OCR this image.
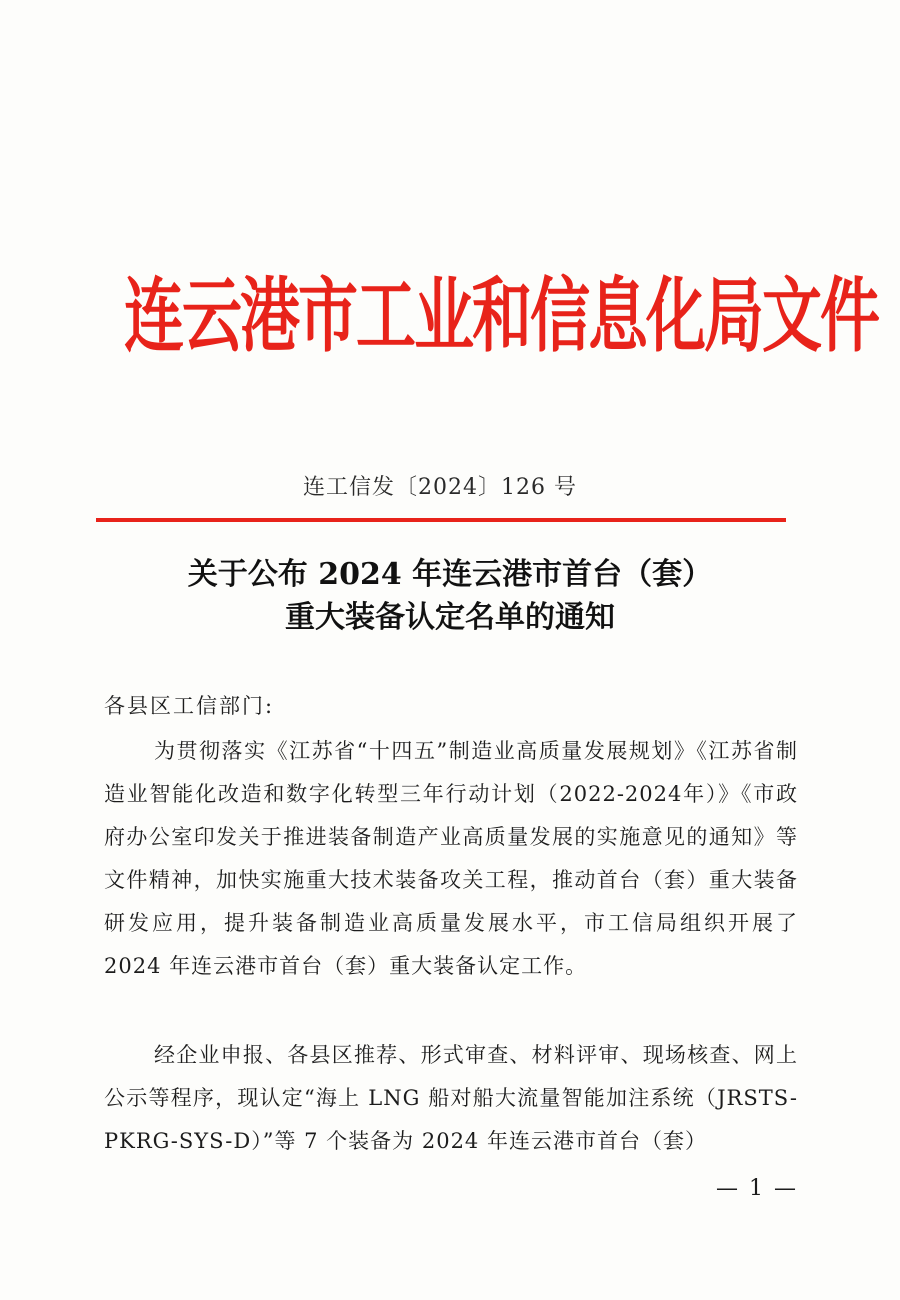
连云港市工业和信息化局文件
连工信发〔2024〕126 号
关于公布 2024 年连云港市首台（套）
重大装备认定名单的通知
各县区工信部门:
为贯彻落实《江苏省“十四五”制造业高质量发展规划》《江苏省制造业智能化改造和数字化转型三年行动计划（2022-2024年）》《市政府办公室印发关于推进装备制造产业高质量发展的实施意见的通知》等文件精神，加快实施重大技术装备攻关工程，推动首台（套）重大装备研发应用，提升装备制造业高质量发展水平，市工信局组织开展了 2024 年连云港市首台（套）重大装备认定工作。
经企业申报、各县区推荐、形式审查、材料评审、现场核查、网上公示等程序，现认定“海上 LNG 船对船大流量智能加注系统（JRSTS-PKRG-SYS-D）”等 7 个装备为 2024 年连云港市首台（套）
— 1 —
